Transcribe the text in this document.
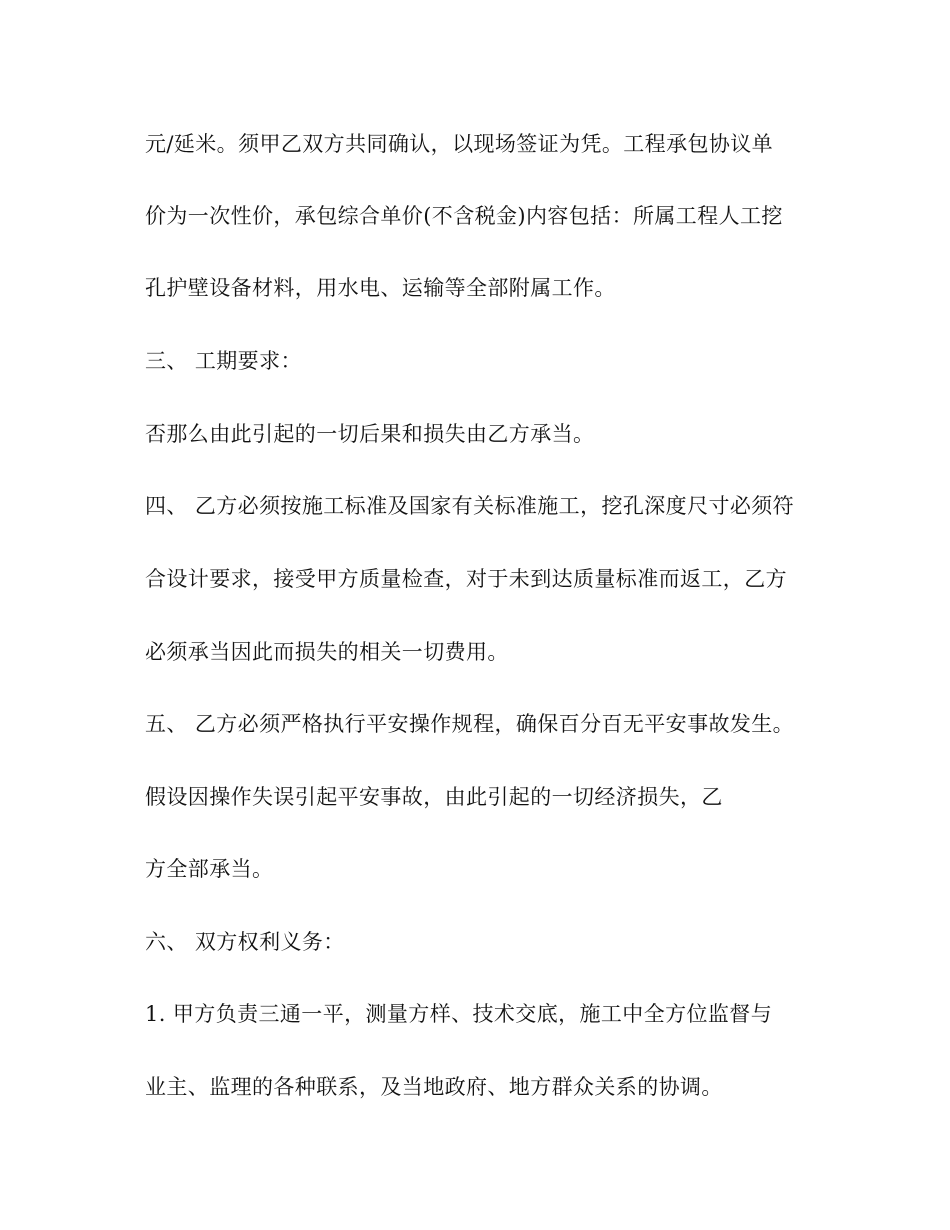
元/延米。须甲乙双方共同确认，以现场签证为凭。工程承包协议单
价为一次性价，承包综合单价(不含税金)内容包括：所属工程人工挖
孔护壁设备材料，用水电、运输等全部附属工作。
三、 工期要求：
否那么由此引起的一切后果和损失由乙方承当。
四、 乙方必须按施工标准及国家有关标准施工，挖孔深度尺寸必须符
合设计要求，接受甲方质量检查，对于未到达质量标准而返工，乙方
必须承当因此而损失的相关一切费用。
五、 乙方必须严格执行平安操作规程，确保百分百无平安事故发生。
假设因操作失误引起平安事故，由此引起的一切经济损失，乙
方全部承当。
六、 双方权利义务：
1. 甲方负责三通一平，测量方样、技术交底，施工中全方位监督与
业主、监理的各种联系，及当地政府、地方群众关系的协调。
